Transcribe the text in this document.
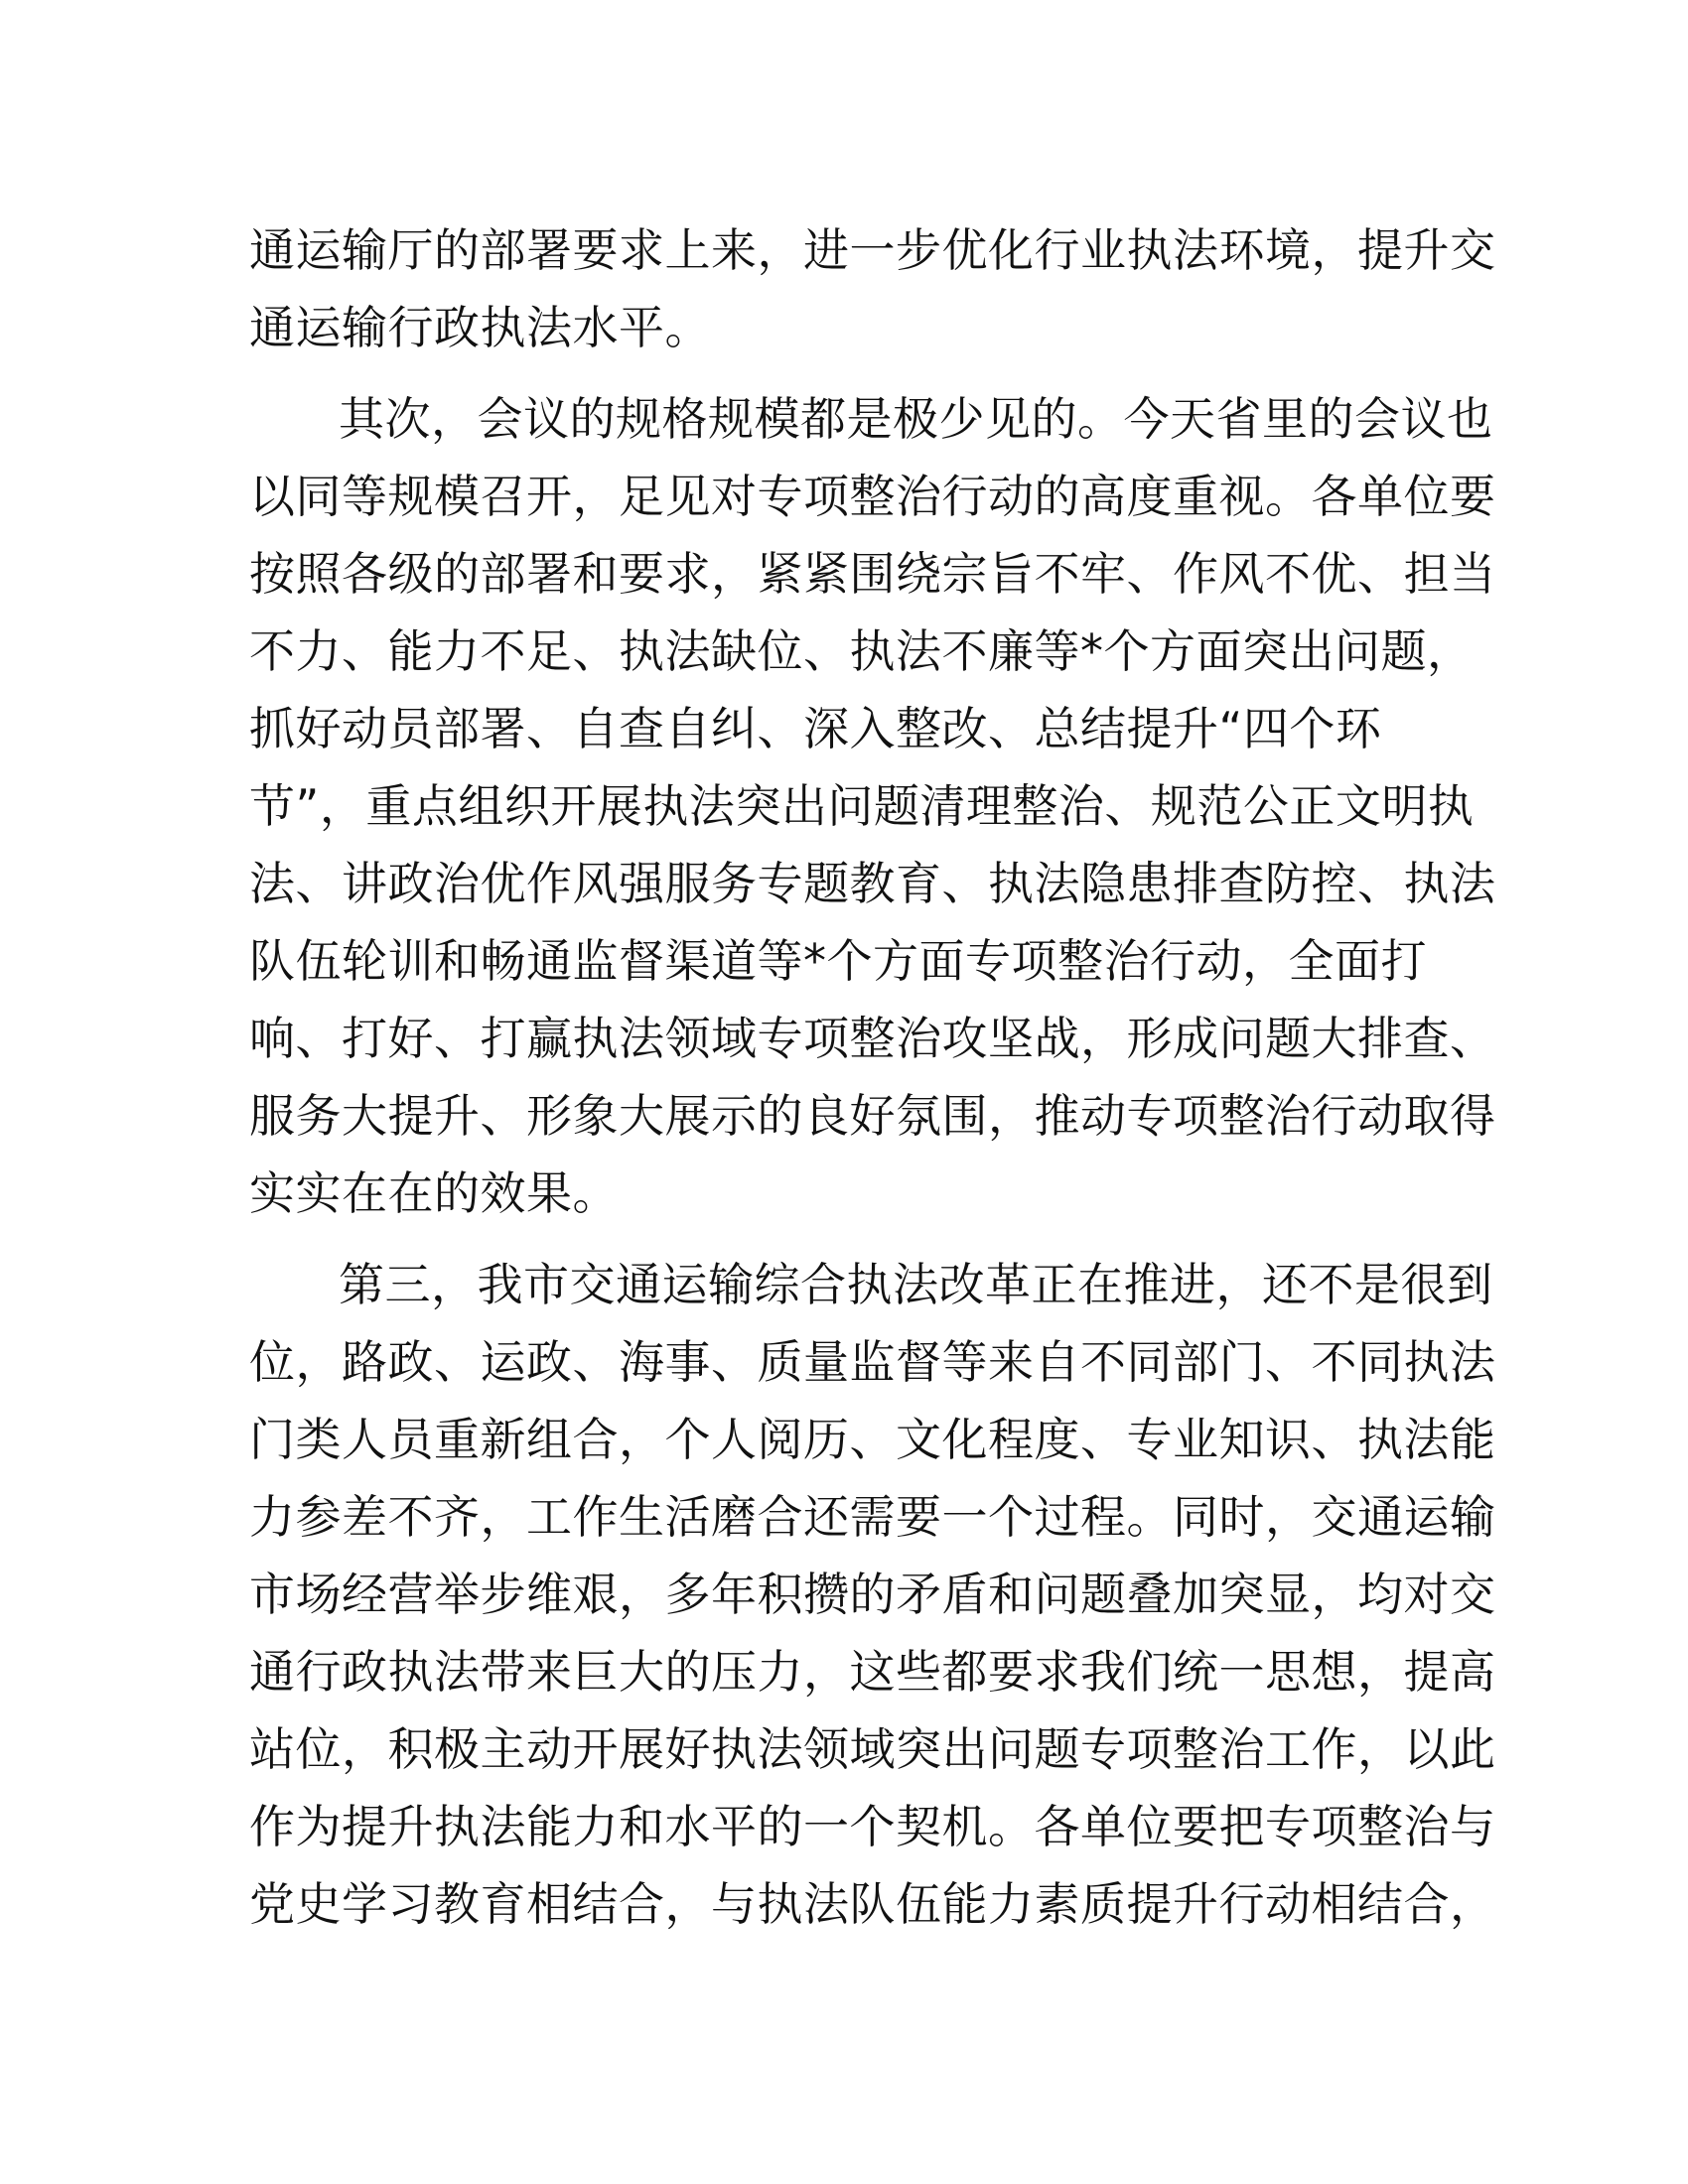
通运输厅的部署要求上来，进一步优化行业执法环境，提升交
通运输行政执法水平。
其次，会议的规格规模都是极少见的。今天省里的会议也
以同等规模召开，足见对专项整治行动的高度重视。各单位要
按照各级的部署和要求，紧紧围绕宗旨不牢、作风不优、担当
不力、能力不足、执法缺位、执法不廉等*个方面突出问题，
抓好动员部署、自查自纠、深入整改、总结提升“四个环
节”，重点组织开展执法突出问题清理整治、规范公正文明执
法、讲政治优作风强服务专题教育、执法隐患排查防控、执法
队伍轮训和畅通监督渠道等*个方面专项整治行动，全面打
响、打好、打赢执法领域专项整治攻坚战，形成问题大排查、
服务大提升、形象大展示的良好氛围，推动专项整治行动取得
实实在在的效果。
第三，我市交通运输综合执法改革正在推进，还不是很到
位，路政、运政、海事、质量监督等来自不同部门、不同执法
门类人员重新组合，个人阅历、文化程度、专业知识、执法能
力参差不齐，工作生活磨合还需要一个过程。同时，交通运输
市场经营举步维艰，多年积攒的矛盾和问题叠加突显，均对交
通行政执法带来巨大的压力，这些都要求我们统一思想，提高
站位，积极主动开展好执法领域突出问题专项整治工作，以此
作为提升执法能力和水平的一个契机。各单位要把专项整治与
党史学习教育相结合，与执法队伍能力素质提升行动相结合，
